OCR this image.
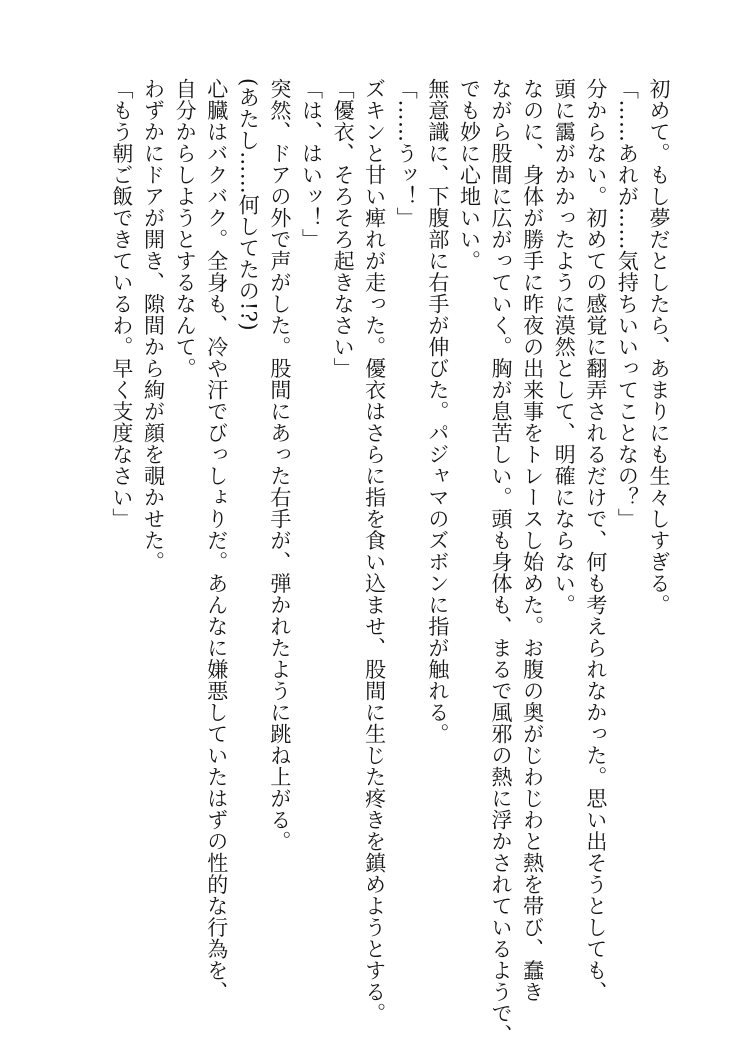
初めて。もし夢だとしたら、あまりにも生々しすぎる。
「……あれが……気持ちいいってことなの？」
分からない。初めての感覚に翻弄されるだけで、何も考えられなかった。思い出そうとしても、
頭に靄がかかったように漠然として、明確にならない。
なのに、身体が勝手に昨夜の出来事をトレースし始めた。お腹の奥がじわじわと熱を帯び、蠢き
ながら股間に広がっていく。胸が息苦しい。頭も身体も、まるで風邪の熱に浮かされているようで、
でも妙に心地いい。
無意識に、下腹部に右手が伸びた。パジャマのズボンに指が触れる。
「……うッ！」
ズキンと甘い痺れが走った。優衣はさらに指を食い込ませ、股間に生じた疼きを鎮めようとする。
「優衣、そろそろ起きなさい」
「は、はいッ！」
突然、ドアの外で声がした。股間にあった右手が、弾かれたように跳ね上がる。
(あたし……何してたの!?)
心臓はバクバク。全身も、冷や汗でびっしょりだ。あんなに嫌悪していたはずの性的な行為を、
自分からしようとするなんて。
わずかにドアが開き、隙間から絢が顔を覗かせた。
「もう朝ご飯できているわ。早く支度なさい」
